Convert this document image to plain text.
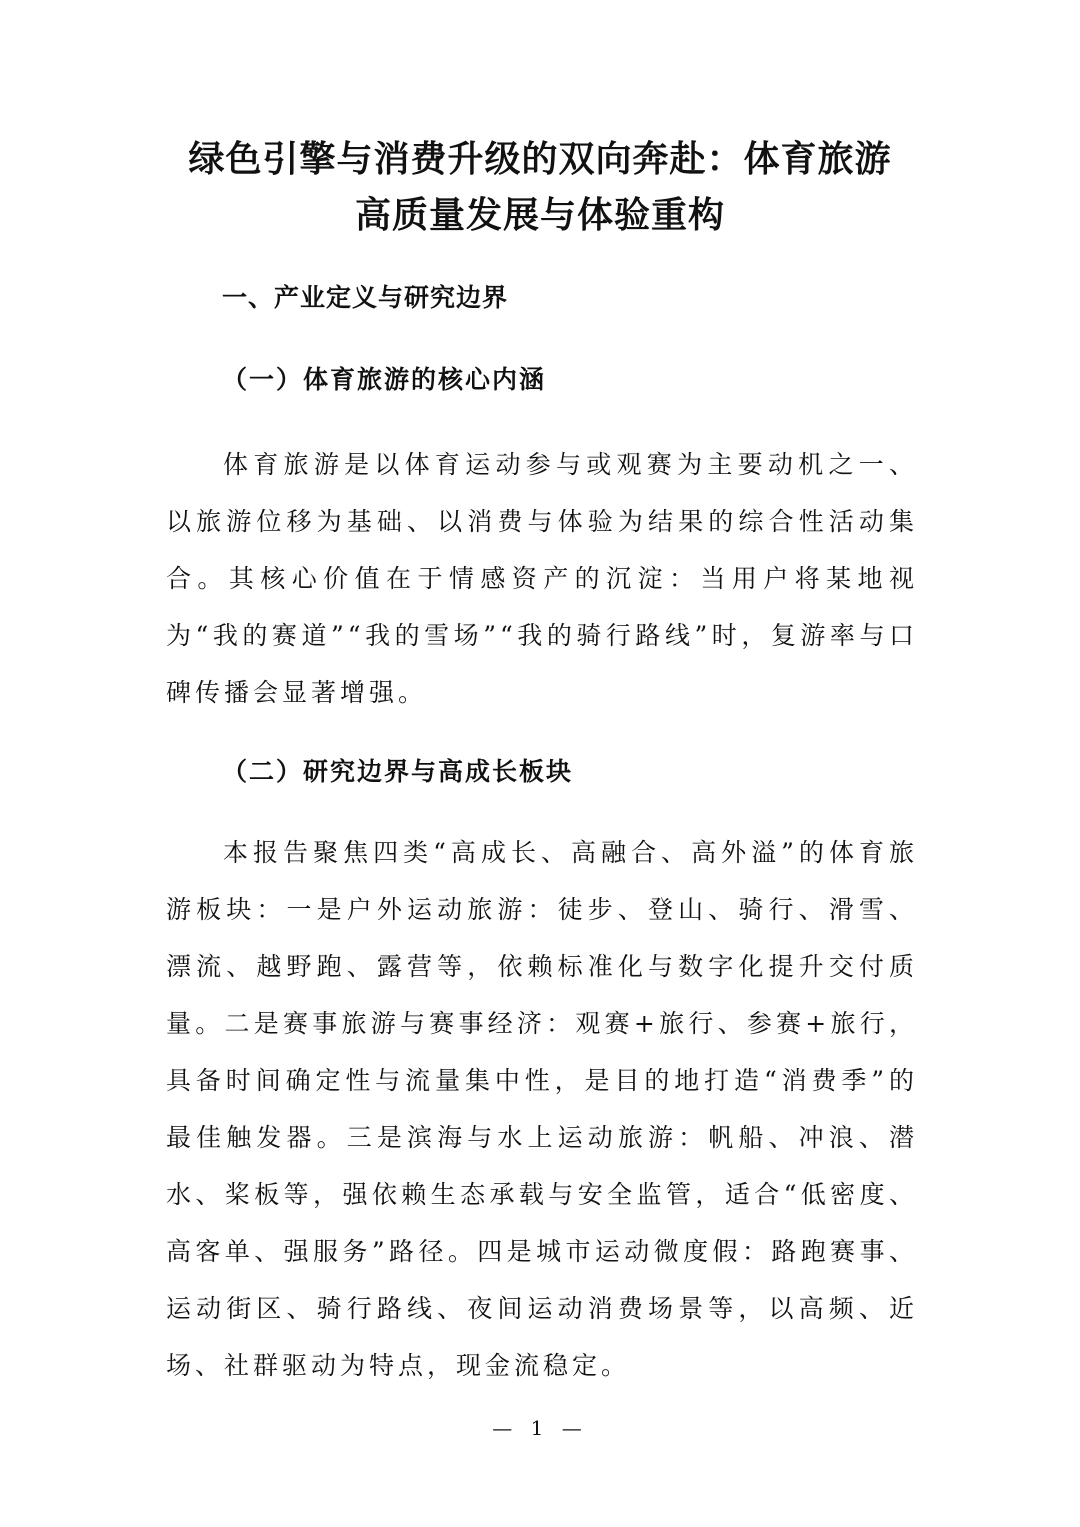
绿色引擎与消费升级的双向奔赴：体育旅游
高质量发展与体验重构
一、产业定义与研究边界
（一）体育旅游的核心内涵

体育旅游是以体育运动参与或观赛为主要动机之一、以旅游位移为基础、以消费与体验为结果的综合性活动集合。其核心价值在于情感资产的沉淀：当用户将某地视为“我的赛道”“我的雪场”“我的骑行路线”时，复游率与口碑传播会显著增强。

（二）研究边界与高成长板块

本报告聚焦四类“高成长、高融合、高外溢”的体育旅游板块：一是户外运动旅游：徒步、登山、骑行、滑雪、漂流、越野跑、露营等，依赖标准化与数字化提升交付质量。二是赛事旅游与赛事经济：观赛+旅行、参赛+旅行，具备时间确定性与流量集中性，是目的地打造“消费季”的最佳触发器。三是滨海与水上运动旅游：帆船、冲浪、潜水、桨板等，强依赖生态承载与安全监管，适合“低密度、高客单、强服务”路径。四是城市运动微度假：路跑赛事、运动街区、骑行路线、夜间运动消费场景等，以高频、近场、社群驱动为特点，现金流稳定。

— 1 —
